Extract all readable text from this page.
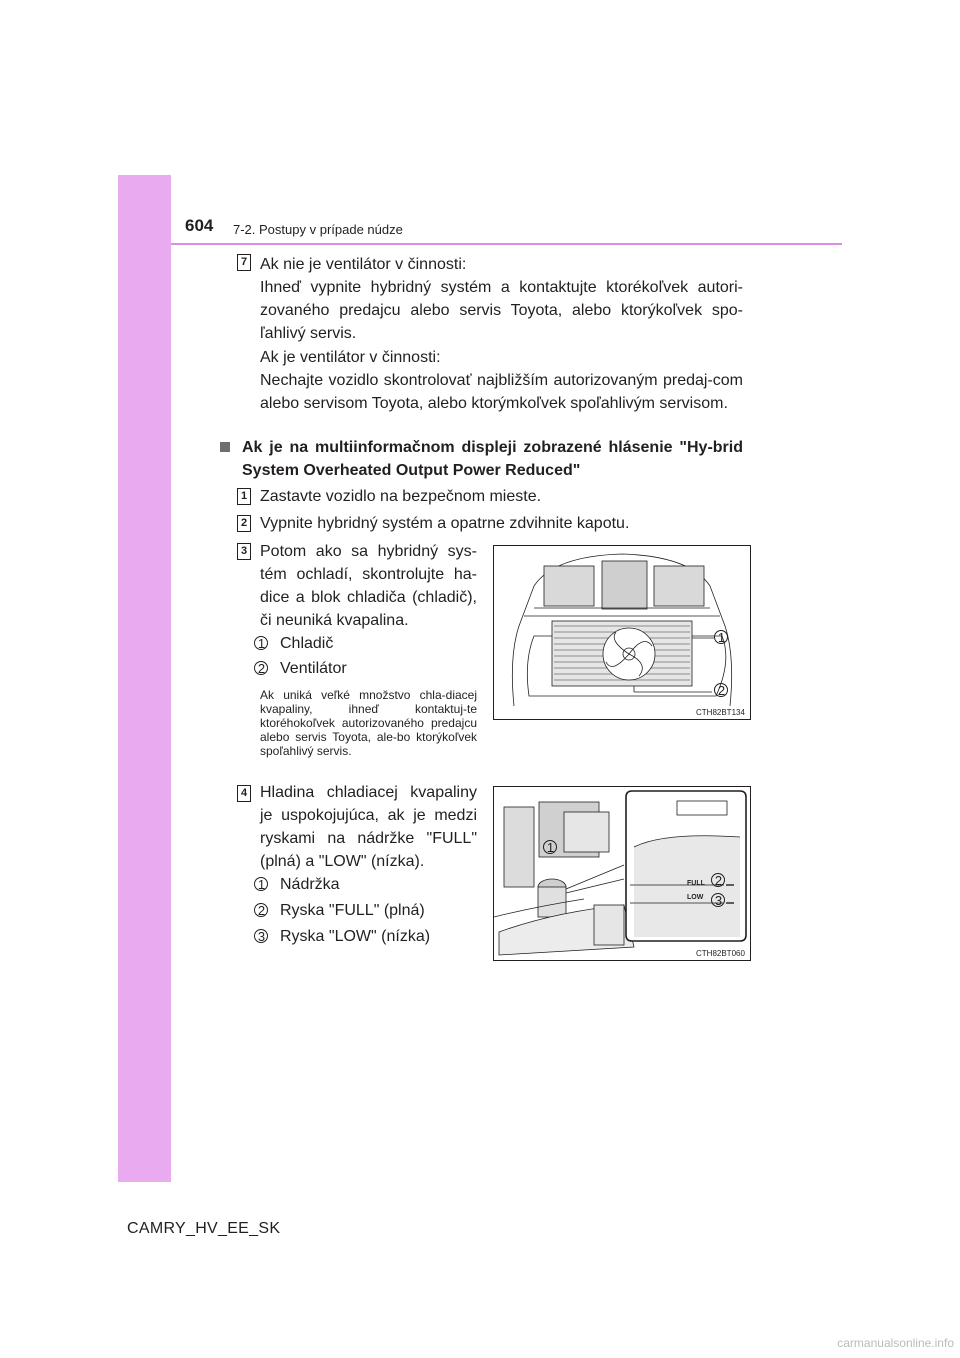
604 7-2. Postupy v prípade núdze
7 Ak nie je ventilátor v činnosti:

Ihneď vypnite hybridný systém a kontaktujte ktorékoľvek autori-zovaného predajcu alebo servis Toyota, alebo ktorýkoľvek spo-ľahlivý servis.

Ak je ventilátor v činnosti:

Nechajte vozidlo skontrolovať najbližším autorizovaným predaj-com alebo servisom Toyota, alebo ktorýmkoľvek spoľahlivým servisom.

Ak je na multiinformačnom displeji zobrazené hlásenie "Hy-brid System Overheated Output Power Reduced"

1 Zastavte vozidlo na bezpečnom mieste.

2 Vypnite hybridný systém a opatrne zdvihnite kapotu.

3 Potom ako sa hybridný sys-tém ochladí, skontrolujte ha-dice a blok chladiča (chladič), či neuniká kvapalina.

1 Chladič

2 Ventilátor

Ak uniká veľké množstvo chla-diacej kvapaliny, ihneď kontaktuj-te ktoréhokoľvek autorizovaného predajcu alebo servis Toyota, ale-bo ktorýkoľvek spoľahlivý servis.

1
2
CTH82BT134
4 Hladina chladiacej kvapaliny je uspokojujúca, ak je medzi ryskami na nádržke "FULL" (plná) a "LOW" (nízka).

1 Nádržka

2 Ryska "FULL" (plná)

3 Ryska "LOW" (nízka)

1
2
3
FULL
LOW
CTH82BT060
CAMRY_HV_EE_SK
carmanualsonline.info
